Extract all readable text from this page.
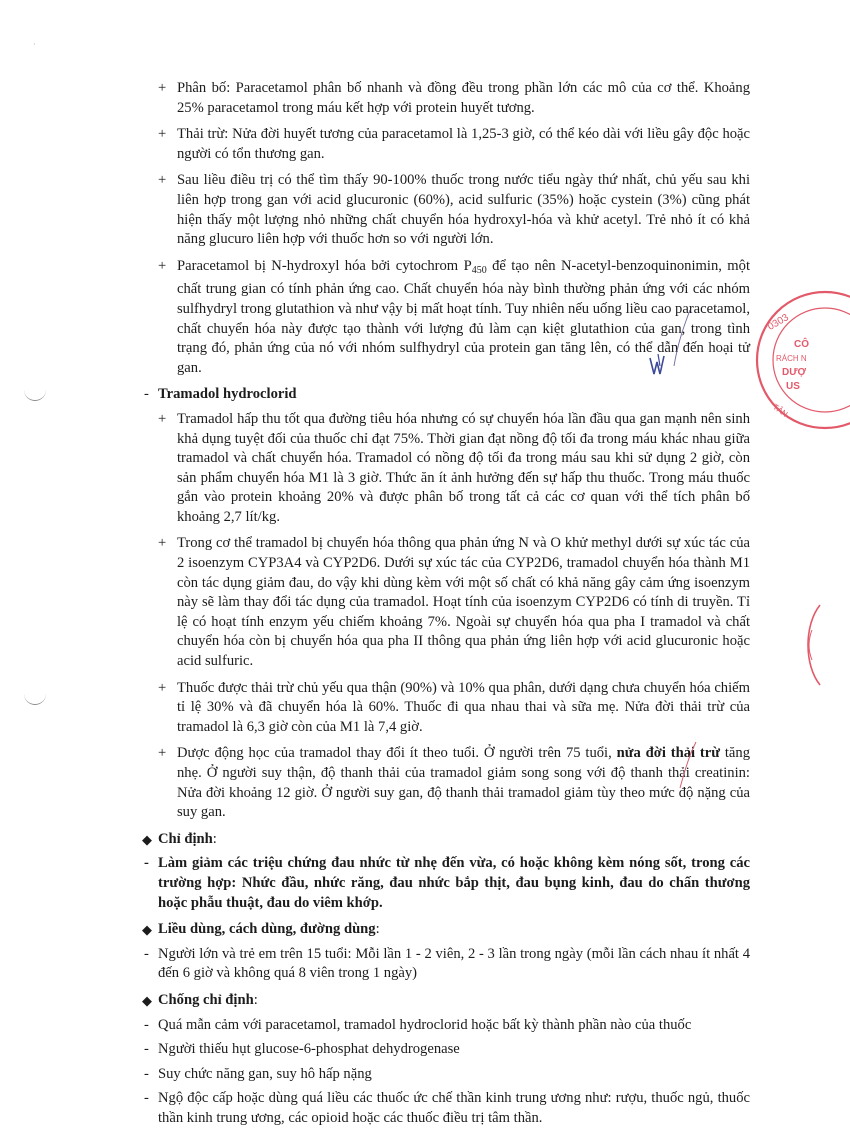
·
+ Phân bố: Paracetamol phân bố nhanh và đồng đều trong phần lớn các mô của cơ thể. Khoảng 25% paracetamol trong máu kết hợp với protein huyết tương.
+ Thải trừ: Nửa đời huyết tương của paracetamol là 1,25-3 giờ, có thể kéo dài với liều gây độc hoặc người có tổn thương gan.
+ Sau liều điều trị có thể tìm thấy 90-100% thuốc trong nước tiểu ngày thứ nhất, chủ yếu sau khi liên hợp trong gan với acid glucuronic (60%), acid sulfuric (35%) hoặc cystein (3%) cũng phát hiện thấy một lượng nhỏ những chất chuyển hóa hydroxyl-hóa và khử acetyl. Trẻ nhỏ ít có khả năng glucuro liên hợp với thuốc hơn so với người lớn.
+ Paracetamol bị N-hydroxyl hóa bởi cytochrom $P_{450}$ để tạo nên N-acetyl-benzoquinonimin, một chất trung gian có tính phản ứng cao. Chất chuyển hóa này bình thường phản ứng với các nhóm sulfhydryl trong glutathion và như vậy bị mất hoạt tính. Tuy nhiên nếu uống liều cao paracetamol, chất chuyển hóa này được tạo thành với lượng đủ làm cạn kiệt glutathion của gan, trong tình trạng đó, phản ứng của nó với nhóm sulfhydryl của protein gan tăng lên, có thể dẫn đến hoại tử gan.
- Tramadol hydroclorid
+ Tramadol hấp thu tốt qua đường tiêu hóa nhưng có sự chuyển hóa lần đầu qua gan mạnh nên sinh khả dụng tuyệt đối của thuốc chỉ đạt 75%. Thời gian đạt nồng độ tối đa trong máu khác nhau giữa tramadol và chất chuyển hóa. Tramadol có nồng độ tối đa trong máu sau khi sử dụng 2 giờ, còn sản phẩm chuyển hóa M1 là 3 giờ. Thức ăn ít ảnh hưởng đến sự hấp thu thuốc. Trong máu thuốc gắn vào protein khoảng 20% và được phân bố trong tất cả các cơ quan với thể tích phân bố khoảng 2,7 lít/kg.
+ Trong cơ thể tramadol bị chuyển hóa thông qua phản ứng N và O khử methyl dưới sự xúc tác của 2 isoenzym CYP3A4 và CYP2D6. Dưới sự xúc tác của CYP2D6, tramadol chuyển hóa thành M1 còn tác dụng giảm đau, do vậy khi dùng kèm với một số chất có khả năng gây cảm ứng isoenzym này sẽ làm thay đổi tác dụng của tramadol. Hoạt tính của isoenzym CYP2D6 có tính di truyền. Tỉ lệ có hoạt tính enzym yếu chiếm khoảng 7%. Ngoài sự chuyển hóa qua pha I tramadol và chất chuyển hóa còn bị chuyển hóa qua pha II thông qua phản ứng liên hợp với acid glucuronic hoặc acid sulfuric.
+ Thuốc được thải trừ chủ yếu qua thận (90%) và 10% qua phân, dưới dạng chưa chuyển hóa chiếm tỉ lệ 30% và đã chuyển hóa là 60%. Thuốc đi qua nhau thai và sữa mẹ. Nửa đời thải trừ của tramadol là 6,3 giờ còn của M1 là 7,4 giờ.
+ Dược động học của tramadol thay đổi ít theo tuổi. Ở người trên 75 tuổi, nửa đời thải trừ tăng nhẹ. Ở người suy thận, độ thanh thải của tramadol giảm song song với độ thanh thải creatinin: Nửa đời khoảng 12 giờ. Ở người suy gan, độ thanh thải tramadol giảm tùy theo mức độ nặng của suy gan.
◆ Chỉ định:
- Làm giảm các triệu chứng đau nhức từ nhẹ đến vừa, có hoặc không kèm nóng sốt, trong các trường hợp: Nhức đầu, nhức răng, đau nhức bắp thịt, đau bụng kinh, đau do chấn thương hoặc phẫu thuật, đau do viêm khớp.
◆ Liều dùng, cách dùng, đường dùng:
- Người lớn và trẻ em trên 15 tuổi: Mỗi lần 1 - 2 viên, 2 - 3 lần trong ngày (mỗi lần cách nhau ít nhất 4 đến 6 giờ và không quá 8 viên trong 1 ngày)
◆ Chống chỉ định:
- Quá mẫn cảm với paracetamol, tramadol hydroclorid hoặc bất kỳ thành phần nào của thuốc
- Người thiếu hụt glucose-6-phosphat dehydrogenase
- Suy chức năng gan, suy hô hấp nặng
- Ngộ độc cấp hoặc dùng quá liều các thuốc ức chế thần kinh trung ương như: rượu, thuốc ngủ, thuốc thần kinh trung ương, các opioid hoặc các thuốc điều trị tâm thần.
0303
CÔ
RÁCH N
DƯỢ
US
TÂN
